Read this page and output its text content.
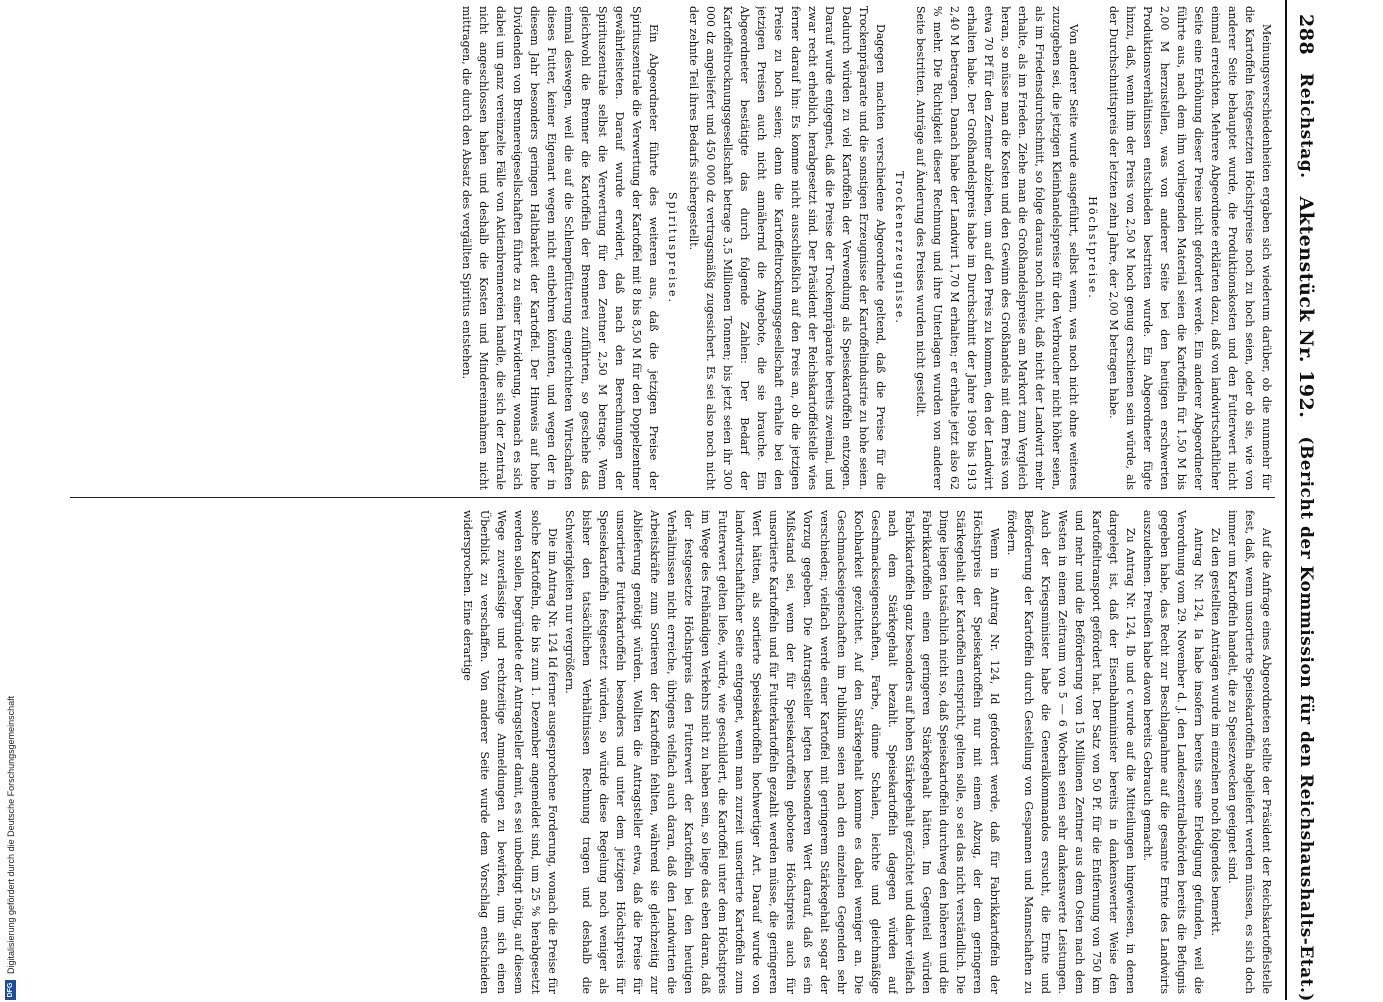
288
Reichstag.
Aktenstück Nr. 192.
(Bericht der Kommission für den Reichshaushalts-Etat.)

Meinungsverschiedenheiten ergaben sich wiederum darüber, ob die nunmehr für die Kartoffeln festgesetzten Höchstpreise noch zu hoch seien, oder ob sie, wie von anderer Seite behauptet wurde, die Produktionskosten und den Futterwert nicht einmal erreichten. Mehrere Abgeordnete erklärten dazu, daß von landwirtschaftlicher Seite eine Erhöhung dieser Preise nicht gefordert werde. Ein anderer Abgeordneter führte aus, nach dem ihm vorliegenden Material seien die Kartoffeln für 1,50 M bis 2,00 M herzustellen, was von anderer Seite bei den heutigen erschwerten Produktionsverhältnissen entschieden bestritten wurde. Ein Abgeordneter fügte hinzu, daß, wenn ihm der Preis von 2,50 M hoch genug erschienen sein würde, als der Durchschnittspreis der letzten zehn Jahre, der 2,00 M betragen habe.

Höchstpreise.

Von anderer Seite wurde ausgeführt, selbst wenn, was noch nicht ohne weiteres zuzugeben sei, die jetzigen Kleinhandelspreise für den Verbraucher nicht höher seien, als im Friedensdurchschnitt, so folge daraus noch nicht, daß nicht der Landwirt mehr erhalte, als im Frieden. Ziehe man die Großhandelspreise am Markort zum Vergleich heran, so müsse man die Kosten und den Gewinn des Großhandels mit dem Preis von etwa 70 Pf für den Zentner abziehen, um auf den Preis zu kommen, den der Landwirt erhalten habe. Der Großhandelspreis habe im Durchschnitt der Jahre 1909 bis 1913 2,40 M betragen. Danach habe der Landwirt 1,70 M erhalten; er erhalte jetzt also 62 % mehr. Die Richtigkeit dieser Rechnung und ihre Unterlagen wurden von anderer Seite bestritten. Anträge auf Änderung des Preises wurden nicht gestellt.

Trockenerzeugnisse.

Dagegen machten verschiedene Abgeordnete geltend, daß die Preise für die Trockenpräparate und die sonstigen Erzeugnisse der Kartoffelindustrie zu hohe seien. Dadurch würden zu viel Kartoffeln der Verwendung als Speisekartoffeln entzogen. Darauf wurde entgegnet, daß die Preise der Trockenpräparate bereits zweimal, und zwar recht erheblich, herabgesetzt sind. Der Präsident der Reichskartoffelstelle wies ferner darauf hin: Es komme nicht ausschließlich auf den Preis an, ob die jetzigen Preise zu hoch seien; denn die Kartoffeltrocknungsgesellschaft erhalte bei den jetzigen Preisen auch nicht annähernd die Angebote, die sie brauche. Ein Abgeordneter bestätigte das durch folgende Zahlen: Der Bedarf der Kartoffeltrocknungsgesellschaft betrage 3,5 Millionen Tonnen; bis jetzt seien ihr 300 000 dz angeliefert und 450 000 dz vertragsmäßig zugesichert. Es sei also noch nicht der zehnte Teil ihres Bedarfs sichergestellt.

Spirituspreise.

Ein Abgeordneter führte des weiteren aus, daß die jetzigen Preise der Spirituszentrale die Verwertung der Kartoffel mit 8 bis 8,50 M für den Doppelzentner gewährleisteten. Darauf wurde erwidert, daß nach den Berechnungen der Spirituszentrale selbst die Verwertung für den Zentner 2,50 M betrage. Wenn gleichwohl die Brenner die Kartoffeln der Brennerei zuführten, so geschehe das einmal deswegen, weil die auf die Schlempefütterung eingerichteten Wirtschaften dieses Futter, keiner Eigenart wegen nicht entbehren könnten, und wegen der in diesem Jahr besonders geringen Haltbarkeit der Kartoffel. Der Hinweis auf hohe Dividenden von Brennereigesellschaften führte zu einer Erwiderung, wonach es sich dabei um ganz vereinzelte Fälle von Aktienbrennereien handle, die sich der Zentrale nicht angeschlossen haben und deshalb die Kosten und Mindereinnahmen nicht mittragen, die durch den Absatz des vergällten Spiritus entstehen.

Auf die Anfrage eines Abgeordneten stellte der Präsident der Reichskartoffelstelle fest, daß, wenn unsortierte Speisekartoffeln abgeliefert werden müssen, es sich doch immer um Kartoffeln handelt, die zu Speisezwecken geeignet sind.

Zu den gestellten Anträgen wurde im einzelnen noch folgendes bemerkt.

Antrag Nr. 124, Ia habe insofern bereits seine Erledigung gefunden, weil die Verordnung vom 29. November d. J. den Landeszentralbehörden bereits die Befugnis gegeben habe, das Recht zur Beschlagnahme auf die gesamte Ernte des Landwirts auszudehnen. Preußen habe davon bereits Gebrauch gemacht.

Zu Antrag Nr. 124, Ib und c wurde auf die Mitteilungen hingewiesen, in denen dargelegt ist, daß der Eisenbahnminister bereits in dankenswerter Weise den Kartoffeltransport gefördert hat. Der Satz von 50 Pf. für die Entfernung von 750 km und mehr und die Beförderung von 15 Millionen Zentner aus dem Osten nach dem Westen in einem Zeitraum von 5 — 6 Wochen seien sehr dankenswerte Leistungen. Auch der Kriegsminister habe die Generalkommandos ersucht, die Ernte und Beförderung der Kartoffeln durch Gestellung von Gespannen und Mannschaften zu fördern.

Wenn in Antrag Nr. 124, Id gefordert werde, daß für Fabrikkartoffeln der Höchstpreis der Speisekartoffeln nur mit einem Abzug, der dem geringeren Stärkegehalt der Kartoffeln entspricht, gelten solle, so sei das nicht verständlich. Die Dinge liegen tatsächlich nicht so, daß Speisekartoffeln durchweg den höheren und die Fabrikkartoffeln einen geringeren Stärkegehalt hätten. Im Gegenteil würden Fabrikkartoffeln ganz besonders auf hohen Stärkegehalt gezüchtet und daher vielfach nach dem Stärkegehalt bezahlt. Speisekartoffeln dagegen würden auf Geschmackseigenschaften, Farbe, dünne Schalen, leichte und gleichmäßige Kochbarkeit gezüchtet. Auf den Stärkegehalt komme es dabei weniger an. Die Geschmackseigenschaften im Publikum seien nach den einzelnen Gegenden sehr verschieden; vielfach werde einer Kartoffel mit geringerem Stärkegehalt sogar der Vorzug gegeben. Die Antragsteller legten besonderen Wert darauf, daß es ein Mißstand sei, wenn der für Speisekartoffeln gebotene Höchstpreis auch für unsortierte Kartoffeln und für Futterkartoffeln gezahlt werden müsse, die geringeren Wert hätten, als sortierte Speisekartoffeln hochwertiger Art. Darauf wurde von landwirtschaftlicher Seite entgegnet, wenn man zurzeit unsortierte Kartoffeln zum Futterwert gelten ließe, würde, wie geschildert, die Kartoffel unter dem Höchstpreis im Wege des freihändigen Verkehrs nicht zu haben sein, so liege das eben daran, daß der festgesetzte Höchstpreis den Futterwert der Kartoffeln bei den heutigen Verhältnissen nicht erreiche, übrigens vielfach auch daran, daß den Landwirten die Arbeitskräfte zum Sortieren der Kartoffeln fehlten, während sie gleichzeitig zur Ablieferung genötigt würden. Wollten die Antragsteller etwa, daß die Preise für unsortierte Futterkartoffeln besonders und unter dem jetzigen Höchstpreis für Speisekartoffeln festgesetzt würden, so würde diese Regelung noch weniger als bisher den tatsächlichen Verhältnissen Rechnung tragen und deshalb die Schwierigkeiten nur vergrößern.

Die im Antrag Nr. 124 Id ferner ausgesprochene Forderung, wonach die Preise für solche Kartoffeln, die bis zum 1. Dezember angemeldet sind, um 25 % herabgesetzt werden sollen, begründete der Antragsteller damit, es sei unbedingt nötig, auf diesem Wege zuverlässige und rechtzeitige Anmeldungen zu bewirken, um sich einen Überblick zu verschaffen. Von anderer Seite wurde dem Vorschlag entschieden widersprochen. Eine derartige

DFG
Digitalisierung gefördert durch die Deutsche Forschungsgemeinschaft
